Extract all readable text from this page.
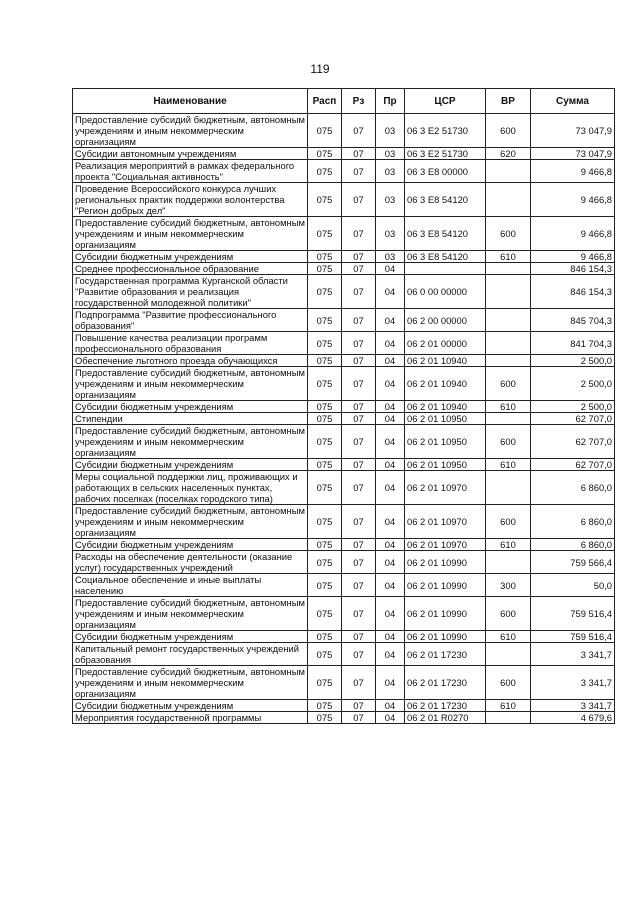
119
Наименование	Расп	Рз	Пр	ЦСР	ВР	Сумма
Предоставление субсидий бюджетным, автономным учреждениям и иным некоммерческим организациям	075	07	03	06 3 E2 51730	600	73 047,9
Субсидии автономным учреждениям	075	07	03	06 3 E2 51730	620	73 047,9
Реализация мероприятий в рамках федерального проекта "Социальная активность"	075	07	03	06 3 E8 00000		9 466,8
Проведение Всероссийского конкурса лучших региональных практик поддержки волонтерства "Регион добрых дел"	075	07	03	06 3 E8 54120		9 466,8
Предоставление субсидий бюджетным, автономным учреждениям и иным некоммерческим организациям	075	07	03	06 3 E8 54120	600	9 466,8
Субсидии бюджетным учреждениям	075	07	03	06 3 E8 54120	610	9 466,8
Среднее профессиональное образование	075	07	04			846 154,3
Государственная программа Курганской области "Развитие образования и реализация государственной молодежной политики"	075	07	04	06 0 00 00000		846 154,3
Подпрограмма "Развитие профессионального образования"	075	07	04	06 2 00 00000		845 704,3
Повышение качества реализации программ профессионального образования	075	07	04	06 2 01 00000		841 704,3
Обеспечение льготного проезда обучающихся	075	07	04	06 2 01 10940		2 500,0
Предоставление субсидий бюджетным, автономным учреждениям и иным некоммерческим организациям	075	07	04	06 2 01 10940	600	2 500,0
Субсидии бюджетным учреждениям	075	07	04	06 2 01 10940	610	2 500,0
Стипендии	075	07	04	06 2 01 10950		62 707,0
Предоставление субсидий бюджетным, автономным учреждениям и иным некоммерческим организациям	075	07	04	06 2 01 10950	600	62 707,0
Субсидии бюджетным учреждениям	075	07	04	06 2 01 10950	610	62 707,0
Меры социальной поддержки лиц, проживающих и работающих в сельских населенных пунктах, рабочих поселках (поселках городского типа)	075	07	04	06 2 01 10970		6 860,0
Предоставление субсидий бюджетным, автономным учреждениям и иным некоммерческим организациям	075	07	04	06 2 01 10970	600	6 860,0
Субсидии бюджетным учреждениям	075	07	04	06 2 01 10970	610	6 860,0
Расходы на обеспечение деятельности (оказание услуг) государственных учреждений	075	07	04	06 2 01 10990		759 566,4
Социальное обеспечение и иные выплаты населению	075	07	04	06 2 01 10990	300	50,0
Предоставление субсидий бюджетным, автономным учреждениям и иным некоммерческим организациям	075	07	04	06 2 01 10990	600	759 516,4
Субсидии бюджетным учреждениям	075	07	04	06 2 01 10990	610	759 516,4
Капитальный ремонт государственных учреждений образования	075	07	04	06 2 01 17230		3 341,7
Предоставление субсидий бюджетным, автономным учреждениям и иным некоммерческим организациям	075	07	04	06 2 01 17230	600	3 341,7
Субсидии бюджетным учреждениям	075	07	04	06 2 01 17230	610	3 341,7
Мероприятия государственной программы	075	07	04	06 2 01 R0270		4 679,6
